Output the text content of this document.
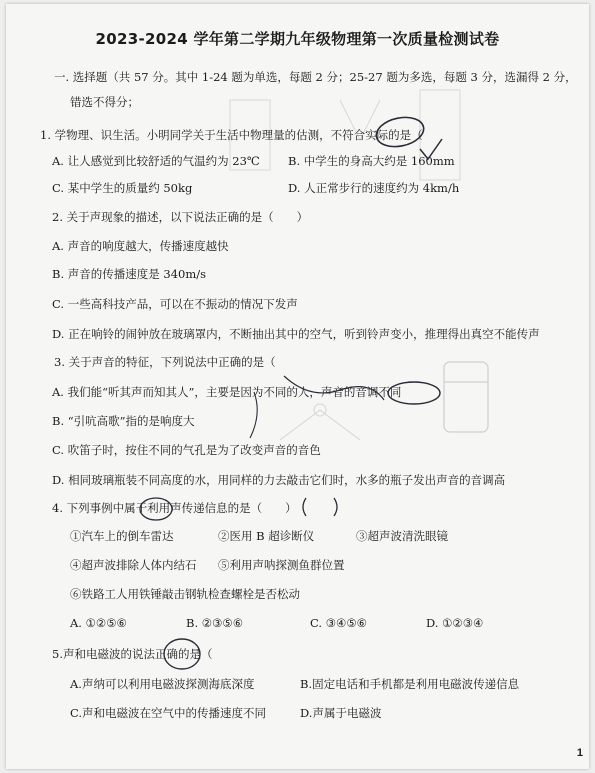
2023-2024 学年第二学期九年级物理第一次质量检测试卷
一. 选择题（共 57 分。其中 1-24 题为单选，每题 2 分；25-27 题为多选，每题 3 分，选漏得 2 分，
错选不得分；
1. 学物理、识生活。小明同学关于生活中物理量的估测，不符合实际的是（
A. 让人感觉到比较舒适的气温约为 23℃ B. 中学生的身高大约是 160mm
C. 某中学生的质量约 50kg	D. 人正常步行的速度约为 4km/h
2. 关于声现象的描述，以下说法正确的是（　　）
A. 声音的响度越大，传播速度越快
B. 声音的传播速度是 340m/s
C. 一些高科技产品，可以在不振动的情况下发声
D. 正在响铃的闹钟放在玻璃罩内，不断抽出其中的空气，听到铃声变小，推理得出真空不能传声
3. 关于声音的特征，下列说法中正确的是（
A. 我们能“听其声而知其人”，主要是因为不同的人，声音的音调不同
B. “引吭高歌”指的是响度大
C. 吹笛子时，按住不同的气孔是为了改变声音的音色
D. 相同玻璃瓶装不同高度的水，用同样的力去敲击它们时，水多的瓶子发出声音的音调高
4. 下列事例中属于利用声传递信息的是（　　）
①汽车上的倒车雷达	②医用 B 超诊断仪	③超声波清洗眼镜
④超声波排除人体内结石 ⑤利用声呐探测鱼群位置
⑥铁路工人用铁锤敲击钢轨检查螺栓是否松动
A. ①②⑤⑥	B. ②③⑤⑥	C. ③④⑤⑥	D. ①②③④
5.声和电磁波的说法正确的是（
A.声纳可以利用电磁波探测海底深度	B.固定电话和手机都是利用电磁波传递信息
C.声和电磁波在空气中的传播速度不同	D.声属于电磁波
1
